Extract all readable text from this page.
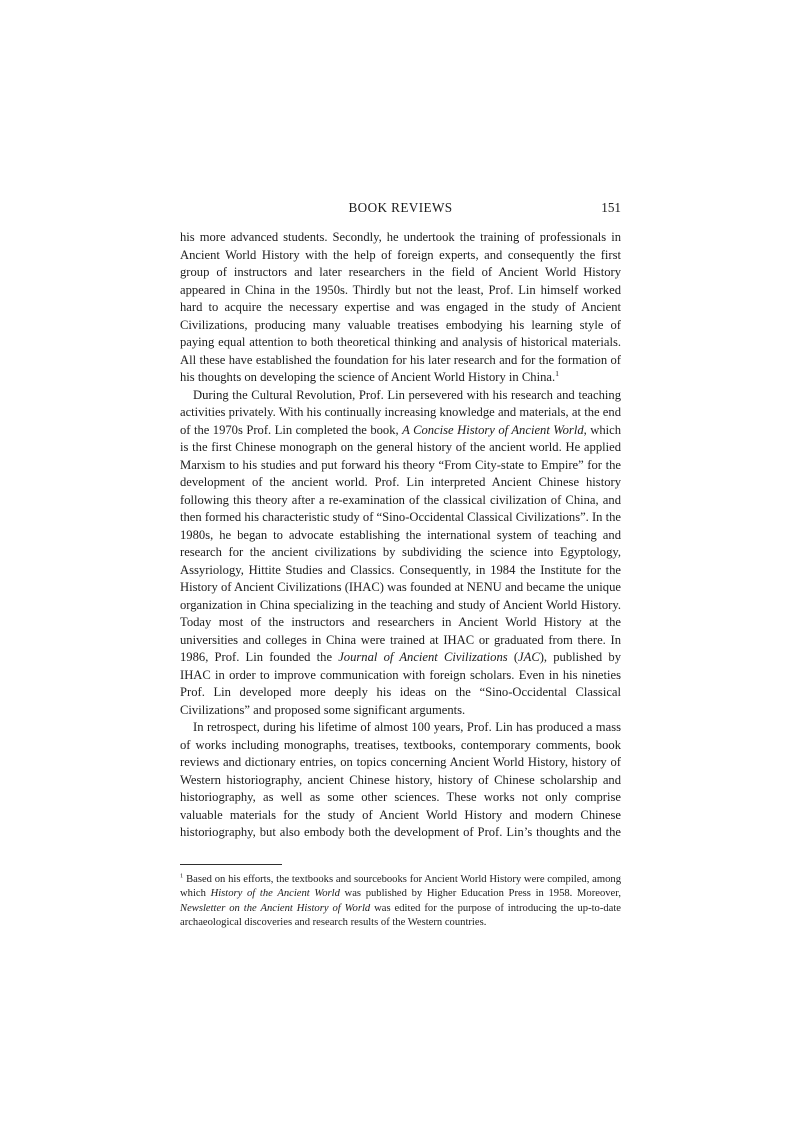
BOOK REVIEWS	151

his more advanced students. Secondly, he undertook the training of professionals in Ancient World History with the help of foreign experts, and consequently the first group of instructors and later researchers in the field of Ancient World History appeared in China in the 1950s. Thirdly but not the least, Prof. Lin himself worked hard to acquire the necessary expertise and was engaged in the study of Ancient Civilizations, producing many valuable treatises embodying his learning style of paying equal attention to both theoretical thinking and analysis of historical materials. All these have established the foundation for his later research and for the formation of his thoughts on developing the science of Ancient World History in China.$^1$

During the Cultural Revolution, Prof. Lin persevered with his research and teaching activities privately. With his continually increasing knowledge and materials, at the end of the 1970s Prof. Lin completed the book, A Concise History of Ancient World, which is the first Chinese monograph on the general history of the ancient world. He applied Marxism to his studies and put forward his theory “From City-state to Empire” for the development of the ancient world. Prof. Lin interpreted Ancient Chinese history following this theory after a re-examination of the classical civilization of China, and then formed his characteristic study of “Sino-Occidental Classical Civilizations”. In the 1980s, he began to advocate establishing the international system of teaching and research for the ancient civilizations by subdividing the science into Egyptology, Assyriology, Hittite Studies and Classics. Consequently, in 1984 the Institute for the History of Ancient Civilizations (IHAC) was founded at NENU and became the unique organization in China specializing in the teaching and study of Ancient World History. Today most of the instructors and researchers in Ancient World History at the universities and colleges in China were trained at IHAC or graduated from there. In 1986, Prof. Lin founded the Journal of Ancient Civilizations (JAC), published by IHAC in order to improve communication with foreign scholars. Even in his nineties Prof. Lin developed more deeply his ideas on the “Sino-Occidental Classical Civilizations” and proposed some significant arguments.

In retrospect, during his lifetime of almost 100 years, Prof. Lin has produced a mass of works including monographs, treatises, textbooks, contemporary comments, book reviews and dictionary entries, on topics concerning Ancient World History, history of Western historiography, ancient Chinese history, history of Chinese scholarship and historiography, as well as some other sciences. These works not only comprise valuable materials for the study of Ancient World History and modern Chinese historiography, but also embody both the development of Prof. Lin’s thoughts and the

$^1$ Based on his efforts, the textbooks and sourcebooks for Ancient World History were compiled, among which History of the Ancient World was published by Higher Education Press in 1958. Moreover, Newsletter on the Ancient History of World was edited for the purpose of introducing the up-to-date archaeological discoveries and research results of the Western countries.
